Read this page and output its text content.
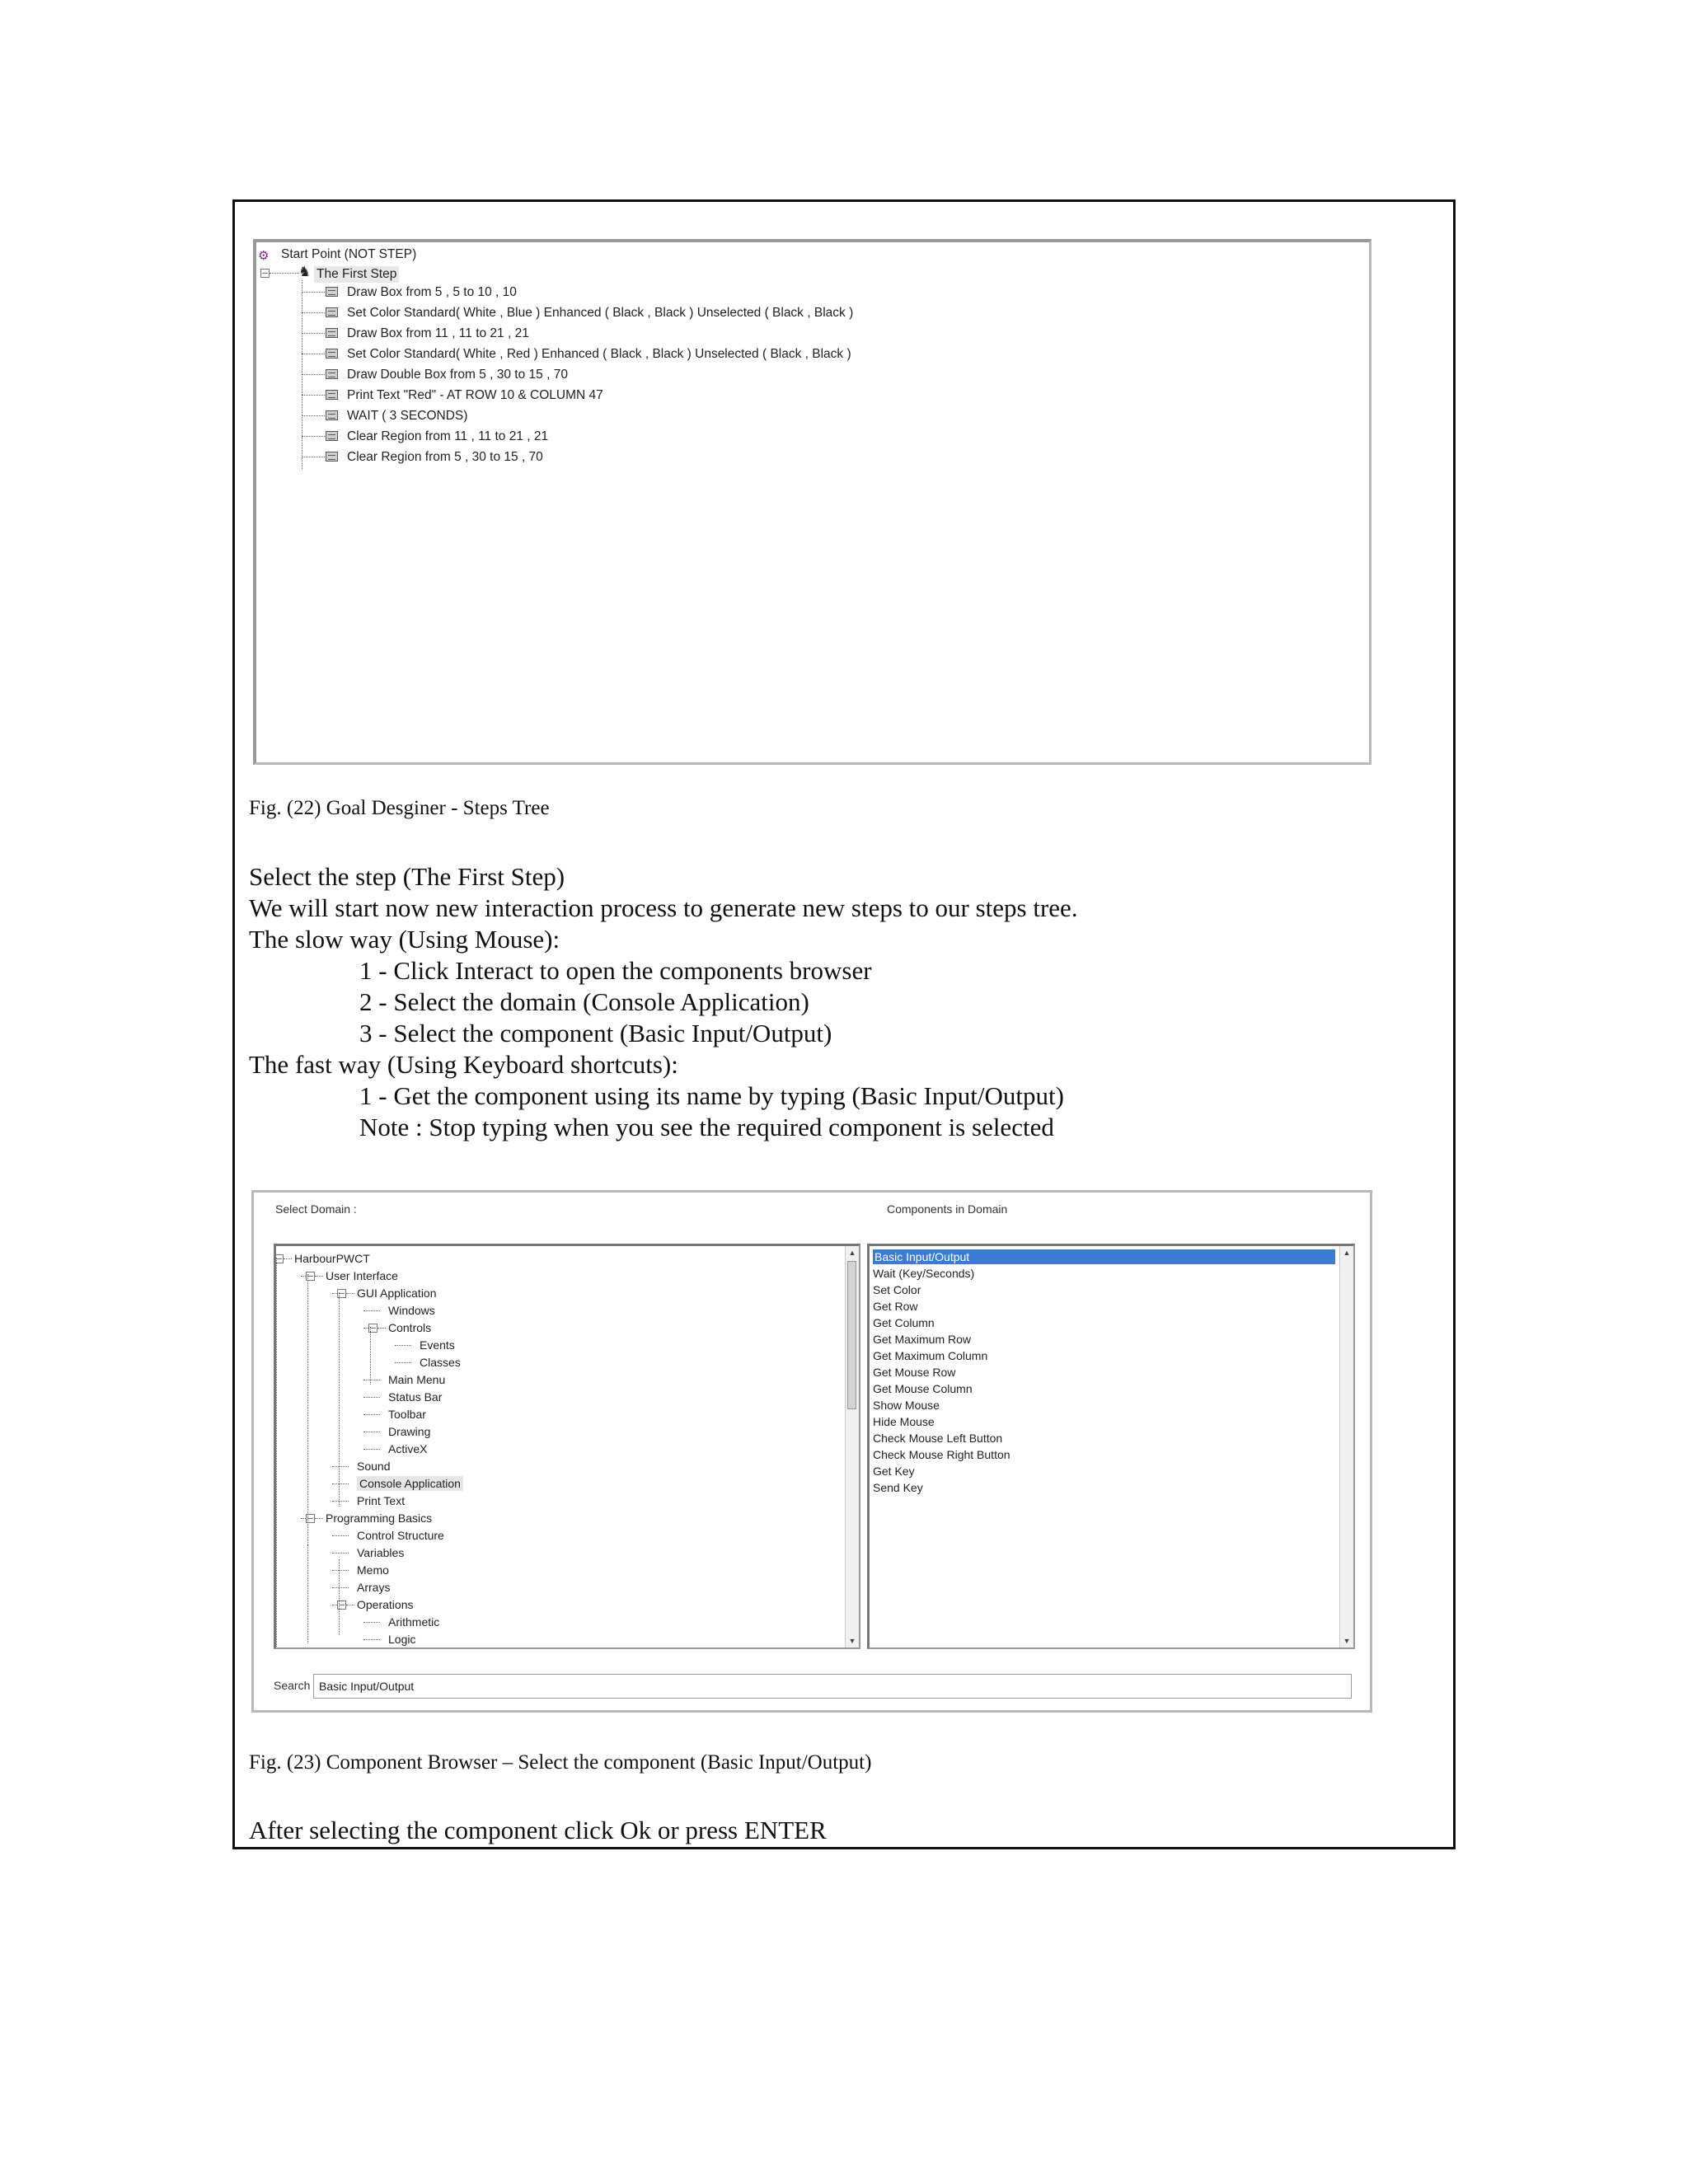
⚙ Start Point (NOT STEP)
– ♞ The First Step
Draw Box from 5 , 5 to 10 , 10
Set Color Standard( White , Blue ) Enhanced ( Black , Black ) Unselected ( Black , Black )
Draw Box from 11 , 11 to 21 , 21
Set Color Standard( White , Red ) Enhanced ( Black , Black ) Unselected ( Black , Black )
Draw Double Box from 5 , 30 to 15 , 70
Print Text "Red" - AT ROW 10 & COLUMN 47
WAIT ( 3 SECONDS)
Clear Region from 11 , 11 to 21 , 21
Clear Region from 5 , 30 to 15 , 70
Fig. (22) Goal Desginer - Steps Tree
Select the step (The First Step)
We will start now new interaction process to generate new steps to our steps tree.
The slow way (Using Mouse):
1 - Click Interact to open the components browser
2 - Select the domain (Console Application)
3 - Select the component (Basic Input/Output)
The fast way (Using Keyboard shortcuts):
1 - Get the component using its name by typing (Basic Input/Output)
Note : Stop typing when you see the required component is selected
Select Domain :	Components in Domain
– HarbourPWCT
– User Interface
– GUI Application
Windows
– Controls
Events
Classes
Main Menu
Status Bar
Toolbar
Drawing
ActiveX
Sound
Console Application
Print Text
– Programming Basics
Control Structure
Variables
Memo
Arrays
– Operations
Arithmetic
Logic
▲
▼
Basic Input/Output
Wait (Key/Seconds)
Set Color
Get Row
Get Column
Get Maximum Row
Get Maximum Column
Get Mouse Row
Get Mouse Column
Show Mouse
Hide Mouse
Check Mouse Left Button
Check Mouse Right Button
Get Key
Send Key
▲
▼
Search Basic Input/Output
Fig. (23) Component Browser – Select the component (Basic Input/Output)
After selecting the component click Ok or press ENTER
